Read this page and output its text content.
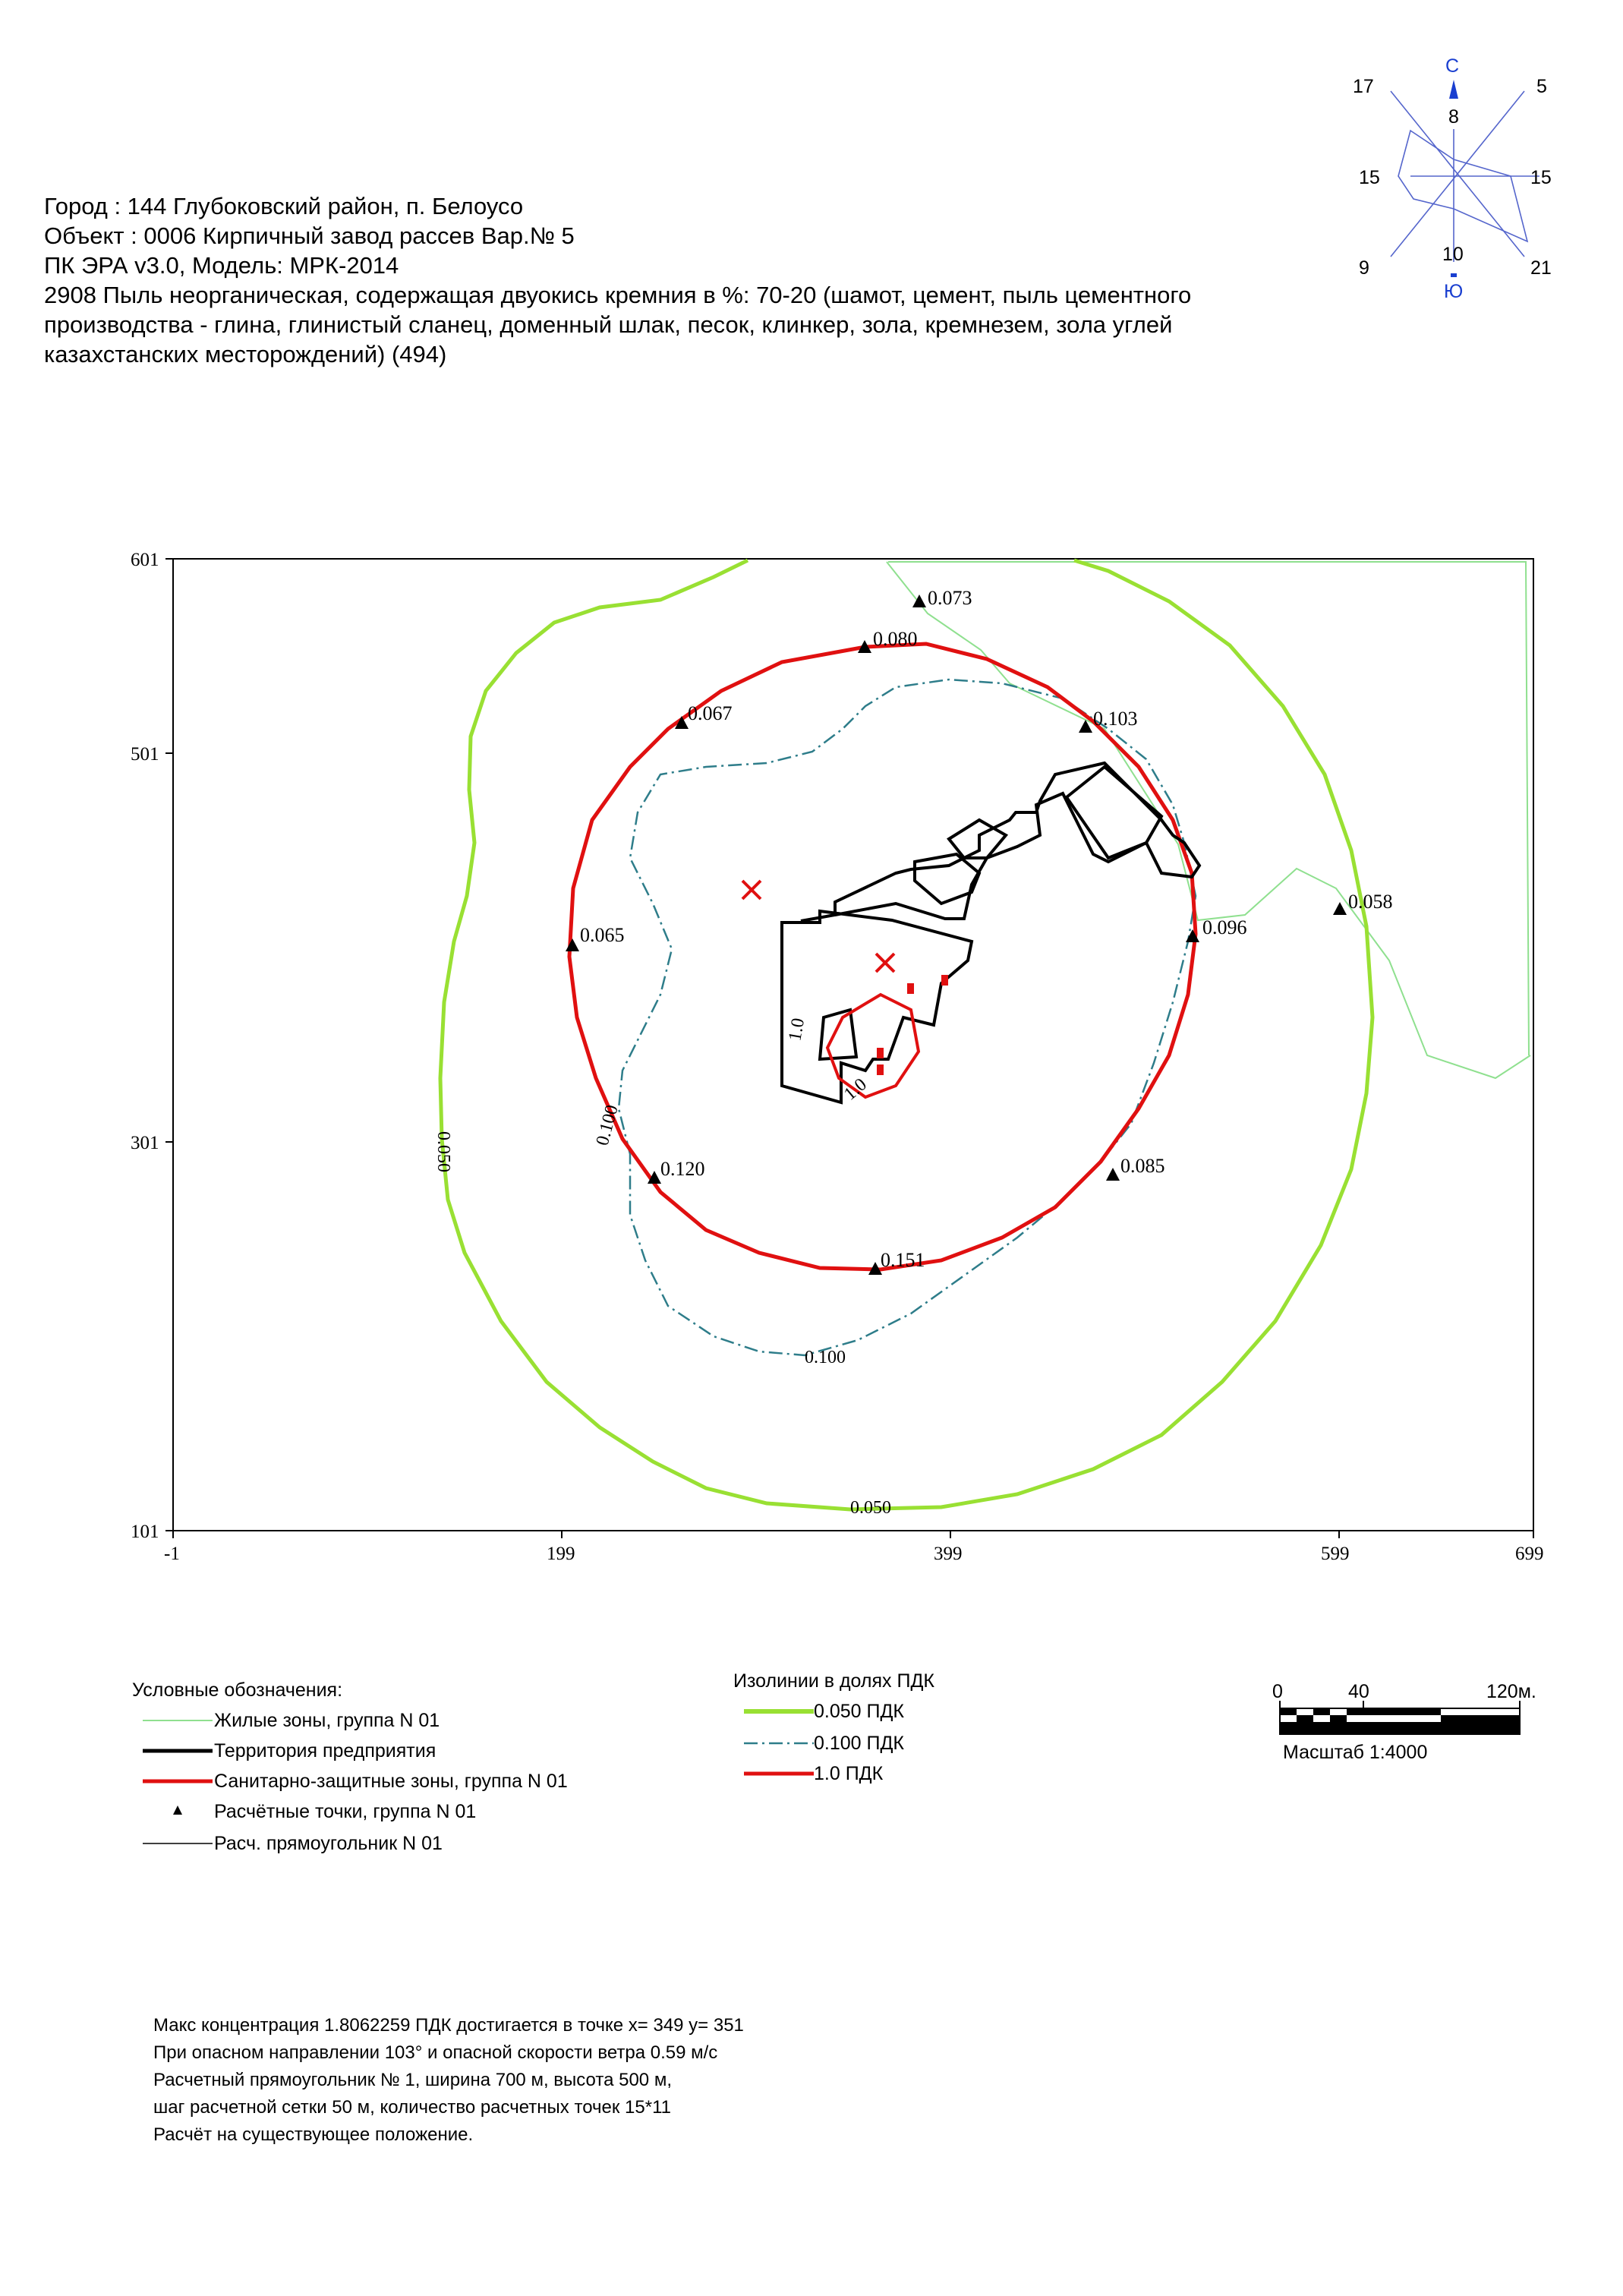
Город : 144 Глубоковский район, п. Белоусо
Объект : 0006 Кирпичный завод рассев Вар.№ 5
ПК ЭРА v3.0, Модель: МРК-2014
2908 Пыль неорганическая, содержащая двуокись кремния в %: 70-20 (шамот, цемент, пыль цементного
производства - глина, глинистый сланец, доменный шлак, песок, клинкер, зола, кремнезем, зола углей
казахстанских месторождений) (494)
С
Ю
8
5
15
21
10
9
15
17
601
501
301
101
-1	199	399	599	699
0.050
0.050
0.100
0.100
1.0
1.0
0.073
0.080
0.067	0.103
0.058
0.065	0.096
0.120	0.085
0.151
0	40	120м.
Масштаб 1:4000
Условные обозначения:
Жилые зоны, группа N 01
Территория предприятия
Санитарно-защитные зоны, группа N 01
Расчётные точки, группа N 01
Расч. прямоугольник N 01
Изолинии в долях ПДК
0.050 ПДК
0.100 ПДК
1.0 ПДК
Макс концентрация 1.8062259 ПДК достигается в точке x= 349 y= 351
При опасном направлении 103° и опасной скорости ветра 0.59 м/с
Расчетный прямоугольник № 1, ширина 700 м, высота 500 м,
шаг расчетной сетки 50 м, количество расчетных точек 15*11
Расчёт на существующее положение.
